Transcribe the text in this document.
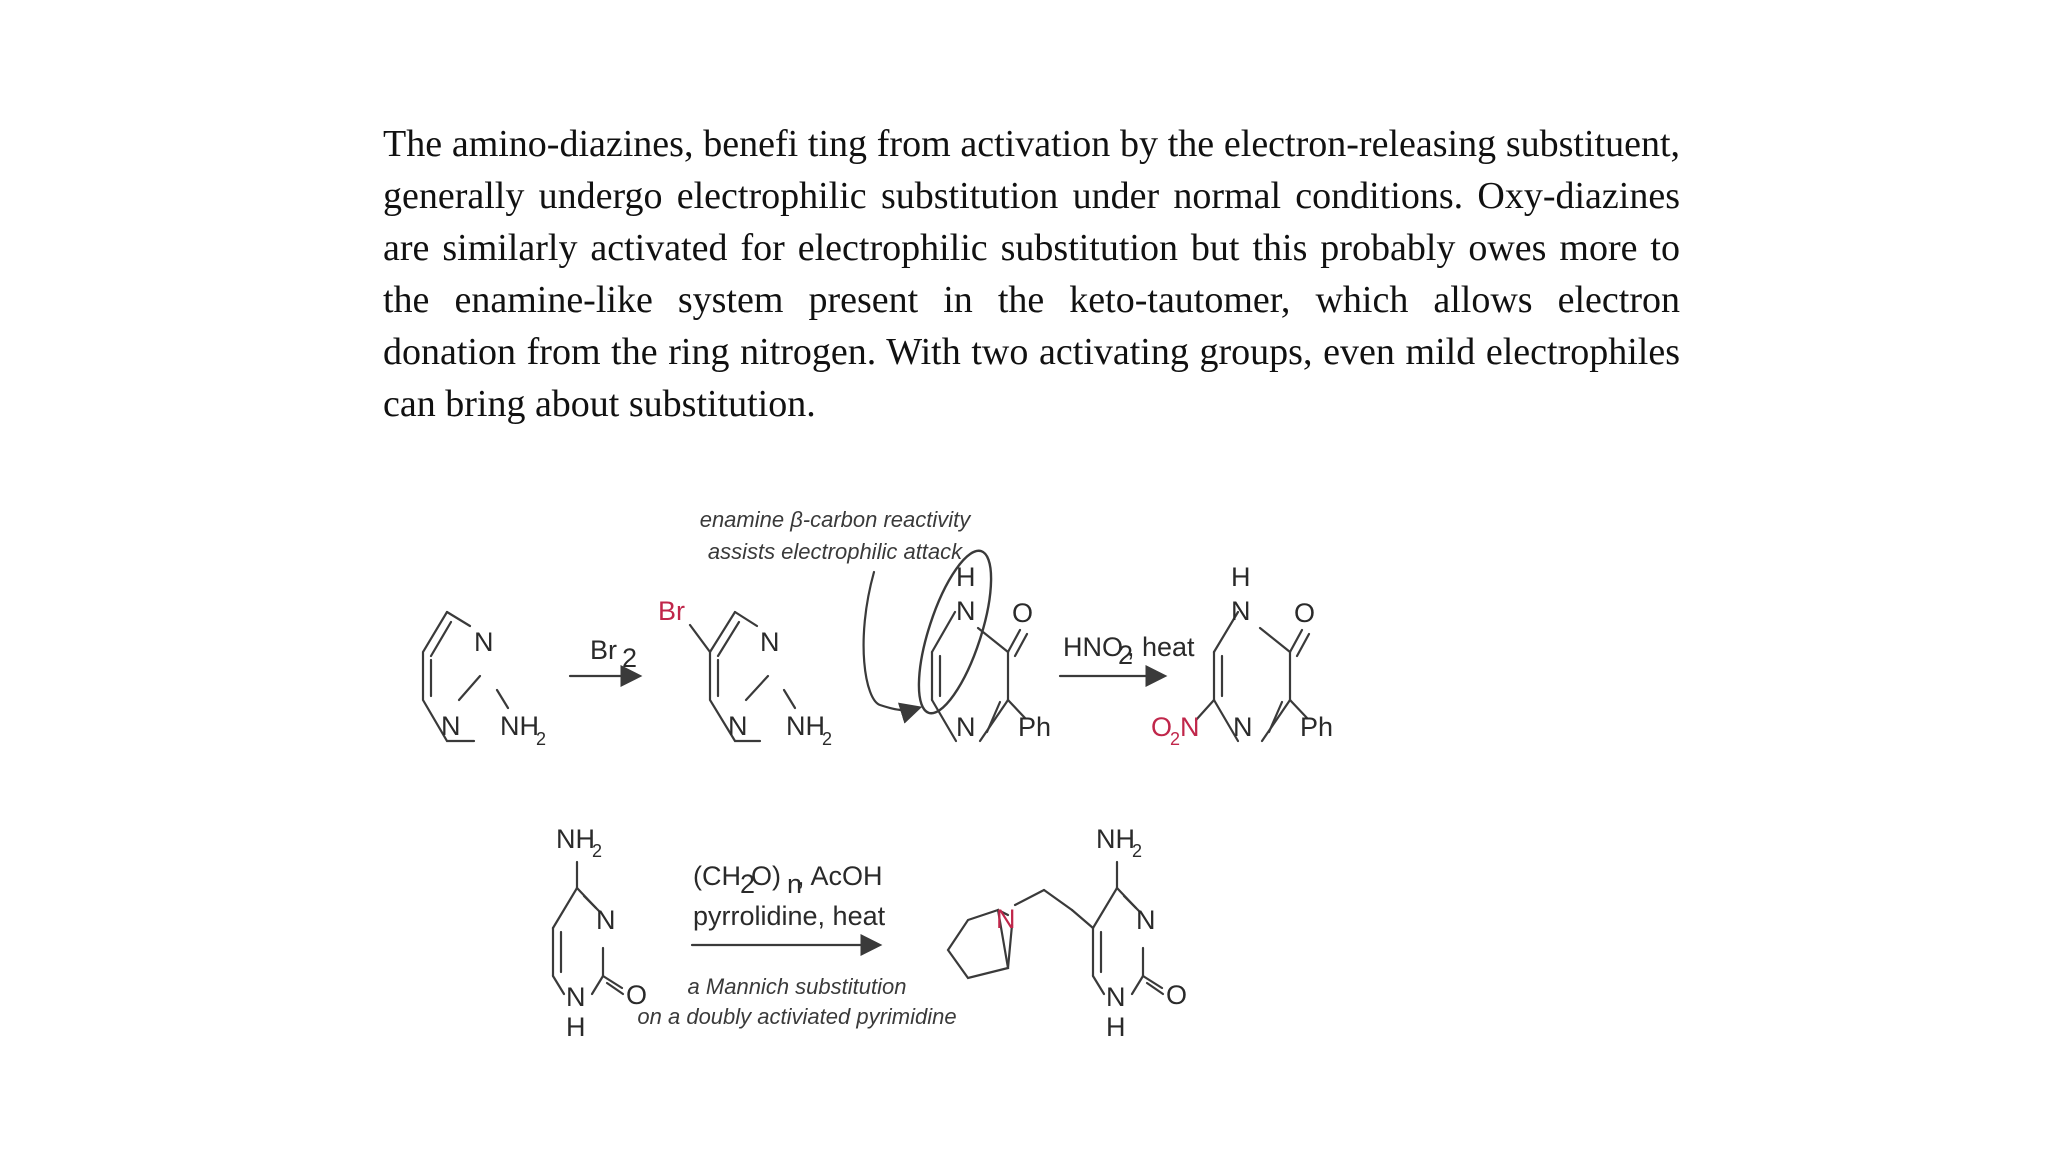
The amino-diazines, benefi ting from activation by the electron-releasing substituent, generally undergo electrophilic substitution under normal conditions. Oxy-diazines are similarly activated for electrophilic substitution but this probably owes more to the enamine-like system present in the keto-tautomer, which allows electron donation from the ring nitrogen. With two activating groups, even mild electrophiles can bring about substitution.

N
N NH
2
Br 2
Br
N
N NH
2
enamine β-carbon reactivity
assists electrophilic attack
H
N O
N Ph
HNO
2
, heat
H
N O
N Ph
O
2 N
NH
2
N
O
N
H
(CH 2
O) n
, AcOH
pyrrolidine, heat
a Mannich substitution
on a doubly activiated pyrimidine
N
NH
2
N
O
N
H
